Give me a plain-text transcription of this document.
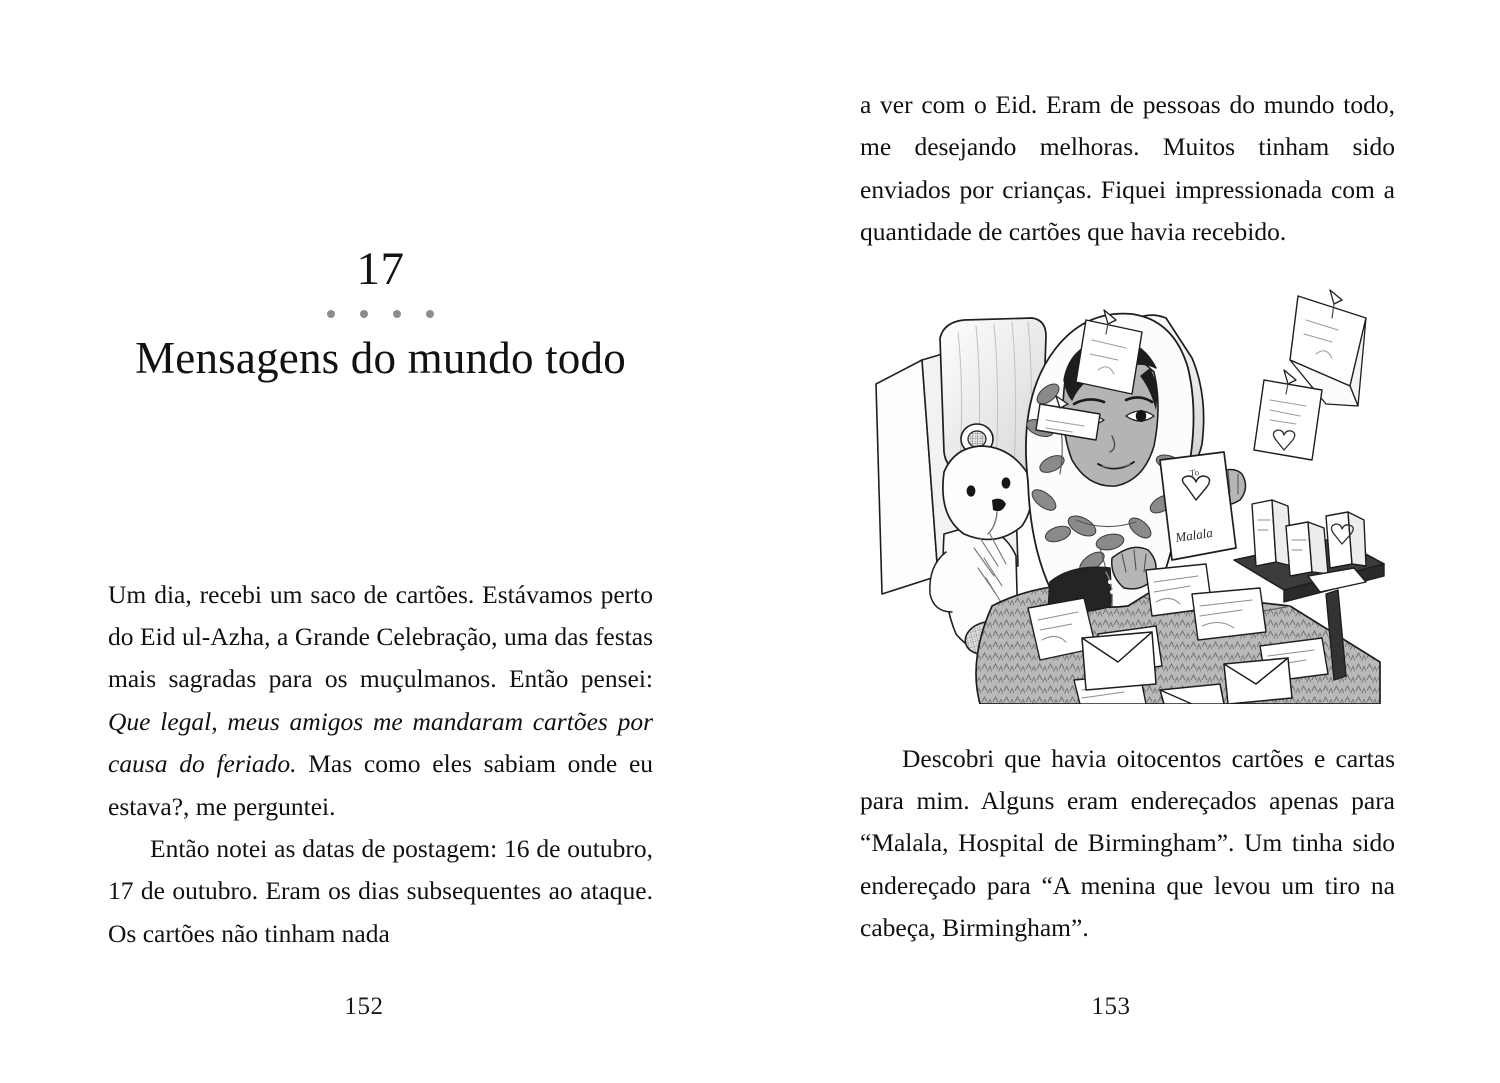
17
Mensagens do mundo todo

Um dia, recebi um saco de cartões. Estávamos perto do Eid ul-Azha, a Grande Celebração, uma das festas mais sagradas para os muçulmanos. Então pensei: Que legal, meus amigos me mandaram cartões por causa do feriado. Mas como eles sabiam onde eu estava?, me perguntei.

Então notei as datas de postagem: 16 de outubro, 17 de outubro. Eram os dias subsequentes ao ataque. Os cartões não tinham nada

152

a ver com o Eid. Eram de pessoas do mundo todo, me desejando melhoras. Muitos tinham sido enviados por crianças. Fiquei impressionada com a quantidade de cartões que havia recebido.

To
Malala

Descobri que havia oitocentos cartões e cartas para mim. Alguns eram endereçados apenas para “Malala, Hospital de Birmingham”. Um tinha sido endereçado para “A menina que levou um tiro na cabeça, Birmingham”.

153
